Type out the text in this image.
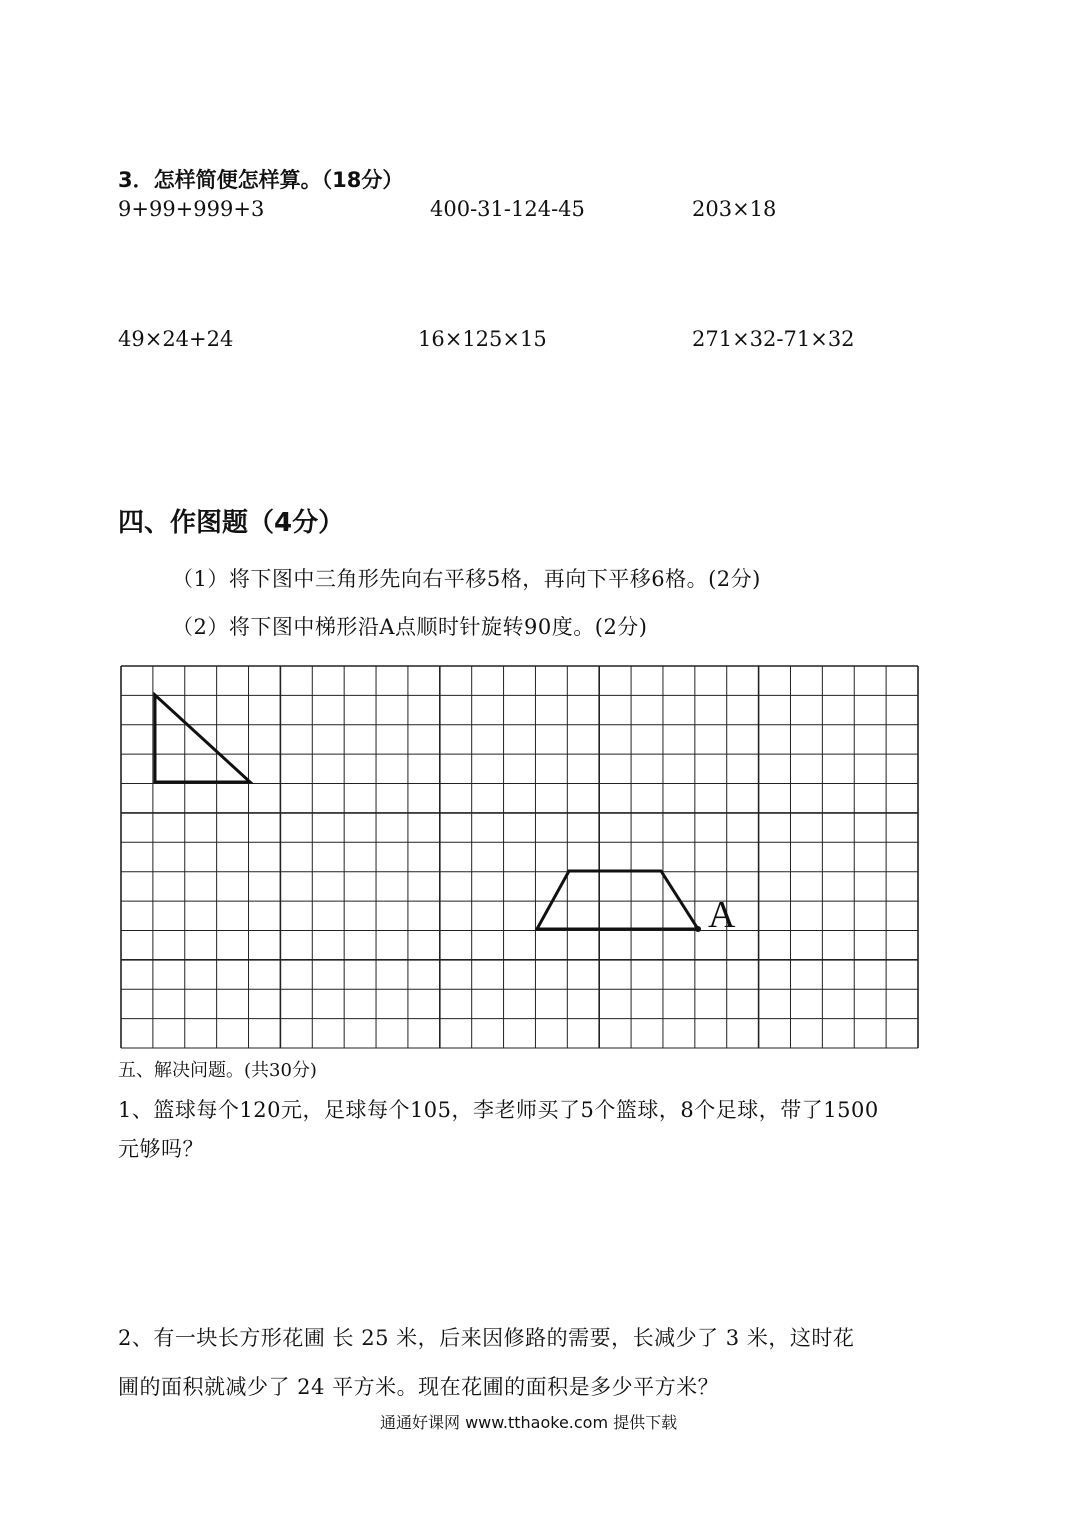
3．怎样简便怎样算。（18分）
9+99+999+3	400-31-124-45	203×18
49×24+24	16×125×15	271×32-71×32
四、作图题（4分）
（1）将下图中三角形先向右平移5格，再向下平移6格。(2分)
（2）将下图中梯形沿A点顺时针旋转90度。(2分)
A
五、解决问题。(共30分)
1、篮球每个120元，足球每个105，李老师买了5个篮球，8个足球，带了1500
元够吗？
2、有一块长方形花圃 长 25 米，后来因修路的需要，长减少了 3 米，这时花
圃的面积就减少了 24 平方米。现在花圃的面积是多少平方米？
通通好课网 www.tthaoke.com 提供下载
